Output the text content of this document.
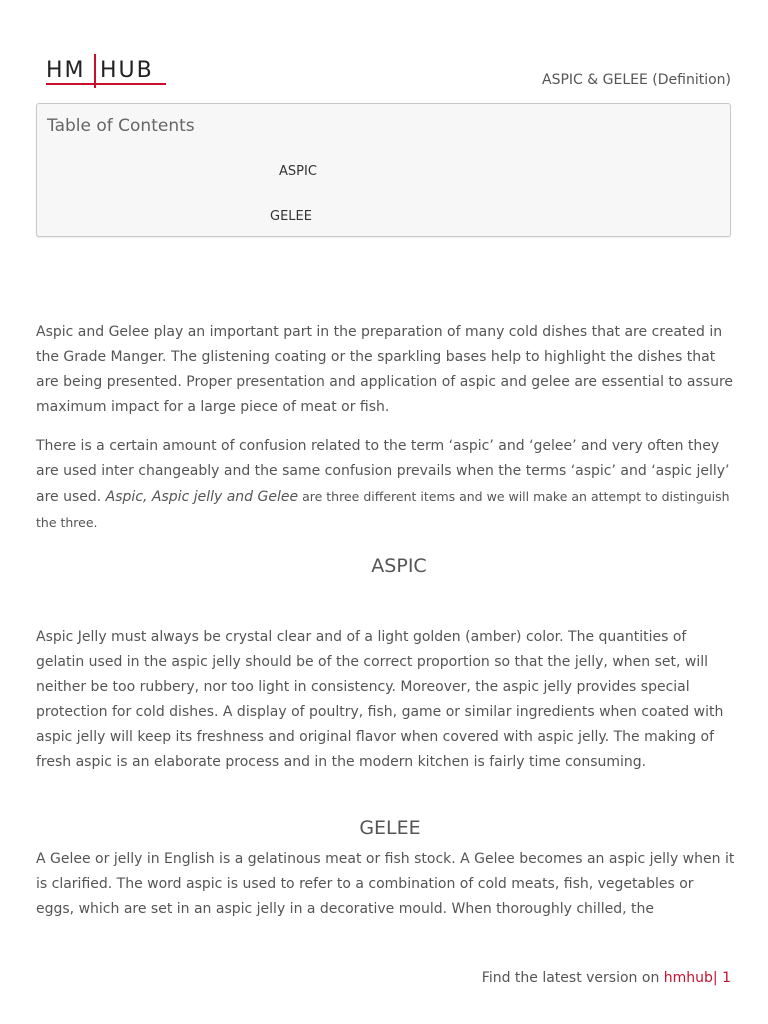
HM HUB	ASPIC & GELEE (Definition)
Table of Contents
ASPIC
GELEE

Aspic and Gelee play an important part in the preparation of many cold dishes that are created in the Grade Manger. The glistening coating or the sparkling bases help to highlight the dishes that are being presented. Proper presentation and application of aspic and gelee are essential to assure maximum impact for a large piece of meat or fish.

There is a certain amount of confusion related to the term ‘aspic’ and ‘gelee’ and very often they are used inter changeably and the same confusion prevails when the terms ‘aspic’ and ‘aspic jelly’ are used. Aspic, Aspic jelly and Gelee are three different items and we will make an attempt to distinguish the three.

ASPIC

Aspic Jelly must always be crystal clear and of a light golden (amber) color. The quantities of gelatin used in the aspic jelly should be of the correct proportion so that the jelly, when set, will neither be too rubbery, nor too light in consistency. Moreover, the aspic jelly provides special protection for cold dishes. A display of poultry, fish, game or similar ingredients when coated with aspic jelly will keep its freshness and original flavor when covered with aspic jelly. The making of fresh aspic is an elaborate process and in the modern kitchen is fairly time consuming.

GELEE

A Gelee or jelly in English is a gelatinous meat or fish stock. A Gelee becomes an aspic jelly when it is clarified. The word aspic is used to refer to a combination of cold meats, fish, vegetables or eggs, which are set in an aspic jelly in a decorative mould. When thoroughly chilled, the

Find the latest version on hmhub| 1
